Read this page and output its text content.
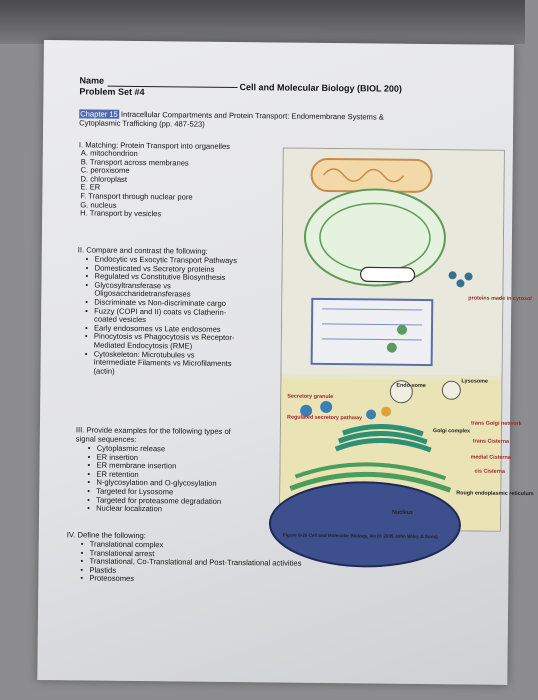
Name
Cell and Molecular Biology (BIOL 200)
Problem Set #4
Chapter 15 Intracellular Compartments and Protein Transport: Endomembrane Systems &
Cytoplasmic Trafficking (pp. 487-523)
I. Matching: Protein Transport into organelles
A. mitochondrion
B. Transport across membranes
C. peroxisome
D. chloroplast
E. ER
F. Transport through nuclear pore
G. nucleus
H. Transport by vesicles
II. Compare and contrast the following:
• Endocytic vs Exocytic Transport Pathways
• Domesticated vs Secretory proteins
• Regulated vs Constitutive Biosynthesis
• Glycosyltransferase vs
Oligosaccharidetransferases
• Discriminate vs Non-discriminate cargo
• Fuzzy (COPI and II) coats vs Clatherin-
coated vesicles
• Early endosomes vs Late endosomes
• Pinocytosis vs Phagocytosis vs Receptor-
Mediated Endocytosis (RME)
• Cytoskeleton: Microtubules vs
Intermediate Filaments vs Microfilaments
(actin)
III. Provide examples for the following types of
signal sequences:
• Cytoplasmic release
• ER insertion
• ER membrane insertion
• ER retention
• N-glycosylation and O-glycosylation
• Targeted for Lysosome
• Targeted for proteasome degradation
• Nuclear localization
IV. Define the following:
• Translational complex
• Translational arrest
• Translational, Co-Translational and Post-Translational activities
• Plastids
• Proteosomes
proteins made in cytosol
Lysosome
Endo-some
Secretory granule
Regulated secretory pathway
Golgi complex
trans Golgi network
trans Cisterna
medial Cisterna
cis Cisterna
Rough endoplasmic reticulum
Nucleus
Figure 8-26 Cell and Molecular Biology, 4/e (© 2005 John Wiley & Sons)
